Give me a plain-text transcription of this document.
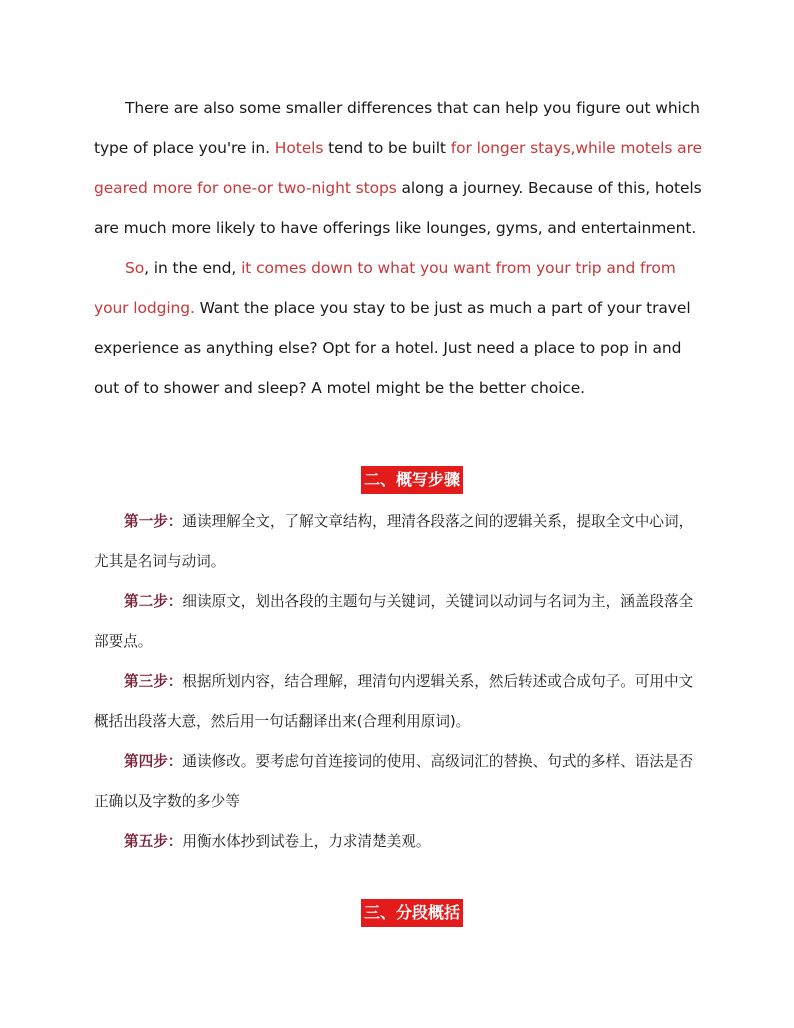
There are also some smaller differences that can help you figure out which type of place you're in. Hotels tend to be built for longer stays,while motels are geared more for one-or two-night stops along a journey. Because of this, hotels are much more likely to have offerings like lounges, gyms, and entertainment.

So, in the end, it comes down to what you want from your trip and from your lodging. Want the place you stay to be just as much a part of your travel experience as anything else? Opt for a hotel. Just need a place to pop in and out of to shower and sleep? A motel might be the better choice.

二、概写步骤

第一步：通读理解全文，了解文章结构，理清各段落之间的逻辑关系，提取全文中心词，尤其是名词与动词。

第二步：细读原文，划出各段的主题句与关键词，关键词以动词与名词为主，涵盖段落全部要点。

第三步：根据所划内容，结合理解，理清句内逻辑关系，然后转述或合成句子。可用中文概括出段落大意，然后用一句话翻译出来(合理利用原词)。

第四步：通读修改。要考虑句首连接词的使用、高级词汇的替换、句式的多样、语法是否正确以及字数的多少等

第五步：用衡水体抄到试卷上，力求清楚美观。

三、分段概括
